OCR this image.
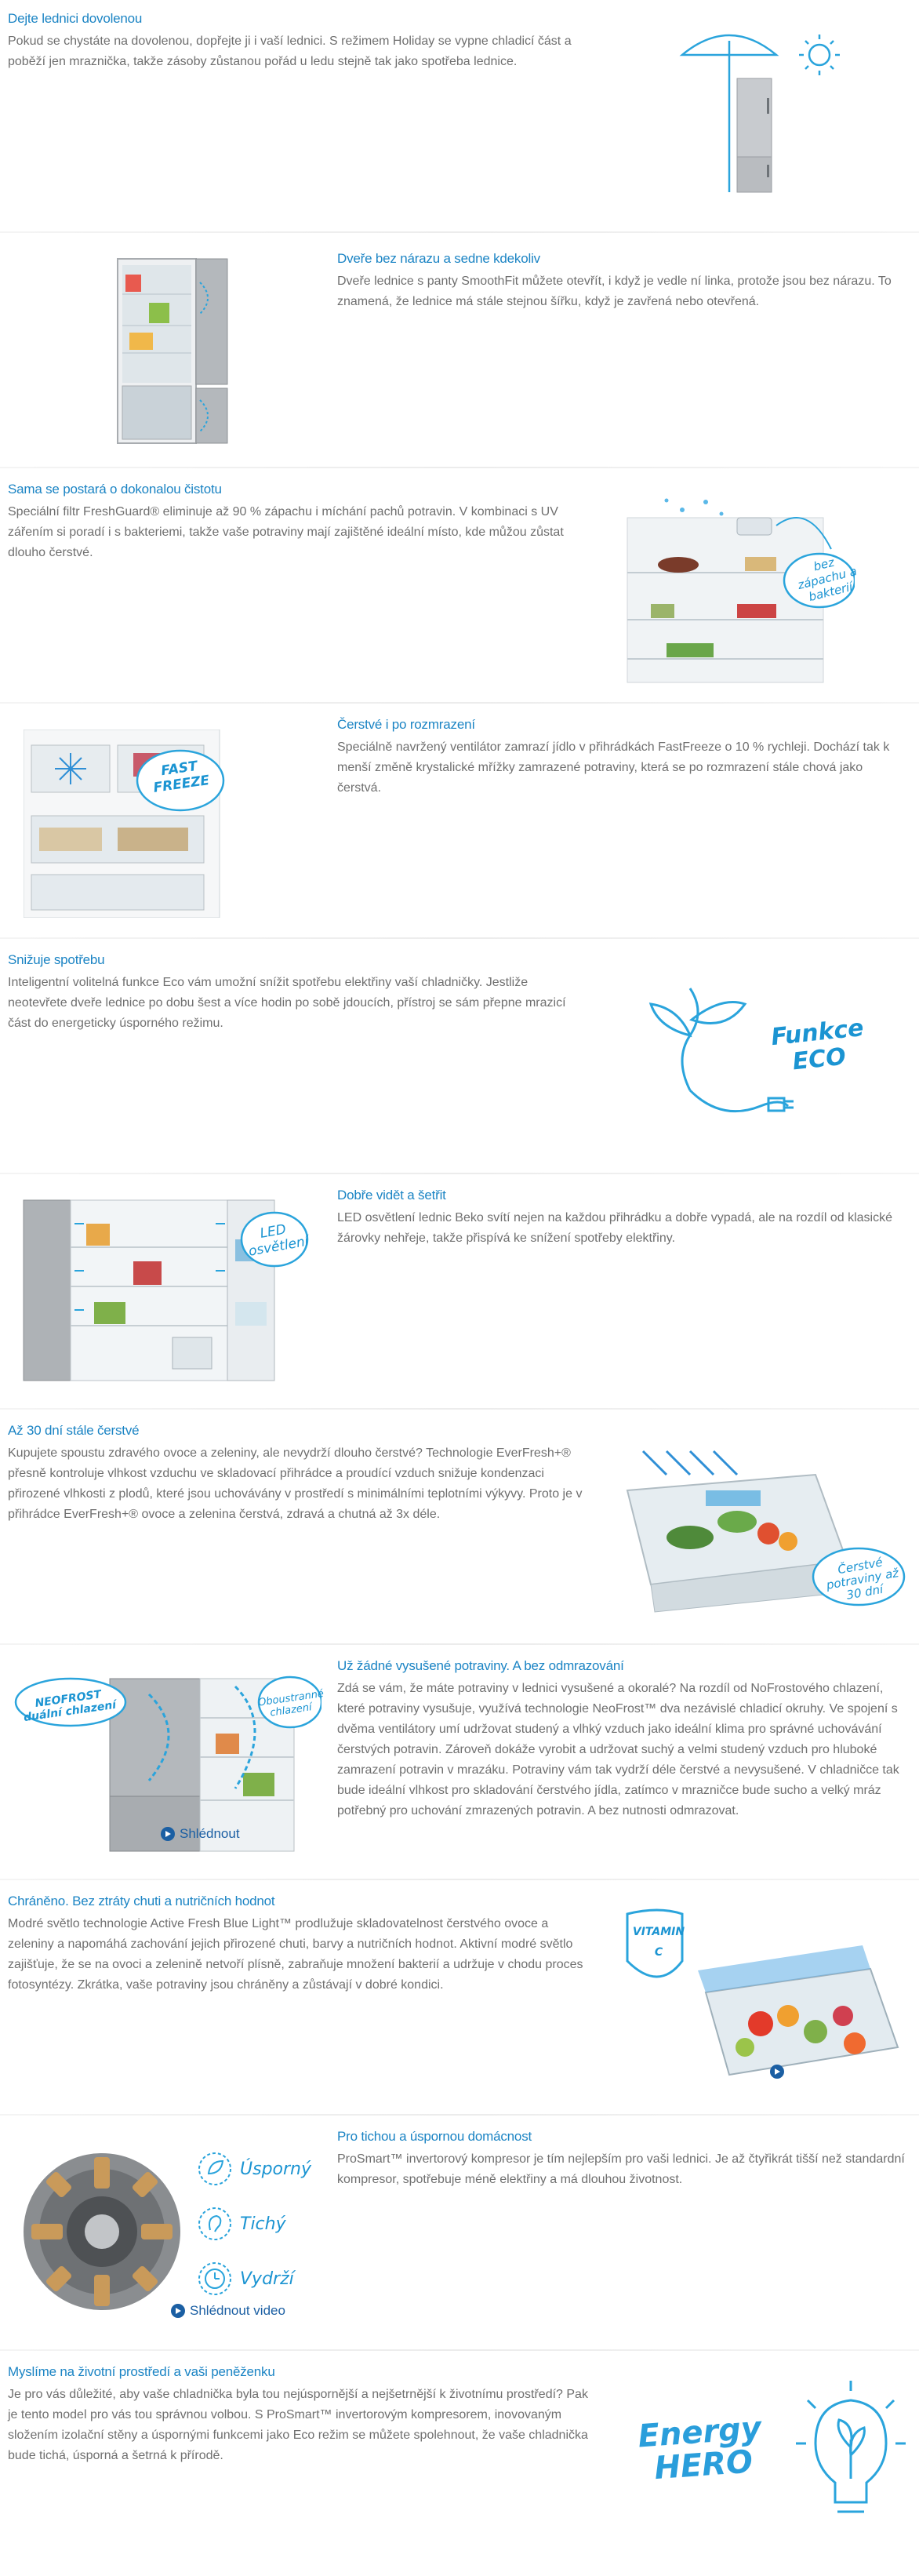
Dejte lednici dovolenou

Pokud se chystáte na dovolenou, dopřejte ji i vaší lednici. S režimem Holiday se vypne chladicí část a poběží jen mraznička, takže zásoby zůstanou pořád u ledu stejně tak jako spotřeba lednice.

Dveře bez nárazu a sedne kdekoliv

Dveře lednice s panty SmoothFit můžete otevřít, i když je vedle ní linka, protože jsou bez nárazu. To znamená, že lednice má stále stejnou šířku, když je zavřená nebo otevřená.

Sama se postará o dokonalou čistotu

Speciální filtr FreshGuard® eliminuje až 90 % zápachu i míchání pachů potravin. V kombinaci s UV zářením si poradí i s bakteriemi, takže vaše potraviny mají zajištěné ideální místo, kde můžou zůstat dlouho čerstvé.

bez zápachu a bakterií
FAST FREEZE
Čerstvé i po rozmrazení

Speciálně navržený ventilátor zamrazí jídlo v přihrádkách FastFreeze o 10 % rychleji. Dochází tak k menší změně krystalické mřížky zamrazené potraviny, která se po rozmrazení stále chová jako čerstvá.

Snižuje spotřebu

Inteligentní volitelná funkce Eco vám umožní snížit spotřebu elektřiny vaší chladničky. Jestliže neotevřete dveře lednice po dobu šest a více hodin po sobě jdoucích, přístroj se sám přepne mrazicí část do energeticky úsporného režimu.	Funkce
ECO
LED osvětlení
Dobře vidět a šetřit

LED osvětlení lednic Beko svítí nejen na každou přihrádku a dobře vypadá, ale na rozdíl od klasické žárovky nehřeje, takže přispívá ke snížení spotřeby elektřiny.

Až 30 dní stále čerstvé

Kupujete spoustu zdravého ovoce a zeleniny, ale nevydrží dlouho čerstvé? Technologie EverFresh+® přesně kontroluje vlhkost vzduchu ve skladovací přihrádce a proudící vzduch snižuje kondenzaci přirozené vlhkosti z plodů, které jsou uchovávány v prostředí s minimálními teplotními výkyvy. Proto je v přihrádce EverFresh+® ovoce a zelenina čerstvá, zdravá a chutná až 3x déle.

Čerstvé potraviny až 30 dní
NEOFROST duální chlazení
Oboustranné chlazení
Shlédnout
Už žádné vysušené potraviny. A bez odmrazování

Zdá se vám, že máte potraviny v lednici vysušené a okoralé? Na rozdíl od NoFrostového chlazení, které potraviny vysušuje, využívá technologie NeoFrost™ dva nezávislé chladicí okruhy. Ve spojení s dvěma ventilátory umí udržovat studený a vlhký vzduch jako ideální klima pro správné uchovávání čerstvých potravin. Zároveň dokáže vyrobit a udržovat suchý a velmi studený vzduch pro hluboké zamrazení potravin v mrazáku. Potraviny vám tak vydrží déle čerstvé a nevysušené. V chladničce tak bude ideální vlhkost pro skladování čerstvého jídla, zatímco v mrazničce bude sucho a velký mráz potřebný pro uchování zmrazených potravin. A bez nutnosti odmrazovat.

Chráněno. Bez ztráty chuti a nutričních hodnot

Modré světlo technologie Active Fresh Blue Light™ prodlužuje skladovatelnost čerstvého ovoce a zeleniny a napomáhá zachování jejich přirozené chuti, barvy a nutričních hodnot. Aktivní modré světlo zajišťuje, že se na ovoci a zelenině netvoří plísně, zabraňuje množení bakterií a udržuje v chodu proces fotosyntézy. Zkrátka, vaše potraviny jsou chráněny a zůstávají v dobré kondici.

VITAMIN C
Úsporný
Tichý
Vydrží
Shlédnout video
Pro tichou a úspornou domácnost

ProSmart™ invertorový kompresor je tím nejlepším pro vaši lednici. Je až čtyřikrát tišší než standardní kompresor, spotřebuje méně elektřiny a má dlouhou životnost.

Myslíme na životní prostředí a vaši peněženku

Je pro vás důležité, aby vaše chladnička byla tou nejúspornější a nejšetrnější k životnímu prostředí? Pak je tento model pro vás tou správnou volbou. S ProSmart™ invertorovým kompresorem, inovovaným složením izolační stěny a úspornými funkcemi jako Eco režim se můžete spolehnout, že vaše chladnička bude tichá, úsporná a šetrná k přírodě.

Energy
HERO
